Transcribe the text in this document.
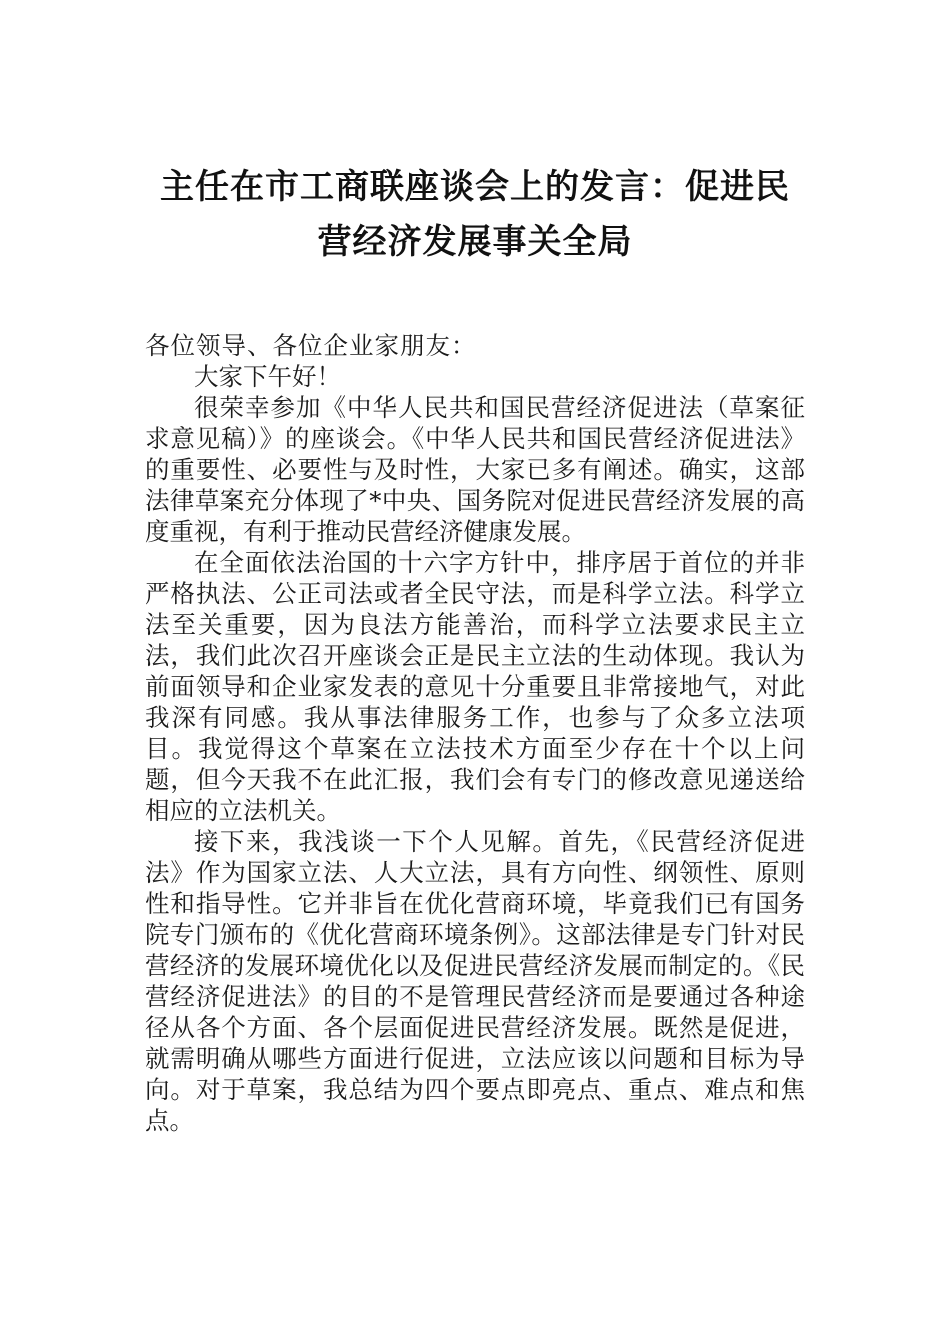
主任在市工商联座谈会上的发言：促进民
营经济发展事关全局

各位领导、各位企业家朋友：

大家下午好！

很荣幸参加《中华人民共和国民营经济促进法（草案征求意见稿）》的座谈会。《中华人民共和国民营经济促进法》的重要性、必要性与及时性，大家已多有阐述。确实，这部法律草案充分体现了*中央、国务院对促进民营经济发展的高度重视，有利于推动民营经济健康发展。

在全面依法治国的十六字方针中，排序居于首位的并非严格执法、公正司法或者全民守法，而是科学立法。科学立法至关重要，因为良法方能善治，而科学立法要求民主立法，我们此次召开座谈会正是民主立法的生动体现。我认为前面领导和企业家发表的意见十分重要且非常接地气，对此我深有同感。我从事法律服务工作，也参与了众多立法项目。我觉得这个草案在立法技术方面至少存在十个以上问题，但今天我不在此汇报，我们会有专门的修改意见递送给相应的立法机关。

接下来，我浅谈一下个人见解。首先，《民营经济促进法》作为国家立法、人大立法，具有方向性、纲领性、原则性和指导性。它并非旨在优化营商环境，毕竟我们已有国务院专门颁布的《优化营商环境条例》。这部法律是专门针对民营经济的发展环境优化以及促进民营经济发展而制定的。《民营经济促进法》的目的不是管理民营经济而是要通过各种途径从各个方面、各个层面促进民营经济发展。既然是促进，就需明确从哪些方面进行促进，立法应该以问题和目标为导向。对于草案，我总结为四个要点即亮点、重点、难点和焦点。
